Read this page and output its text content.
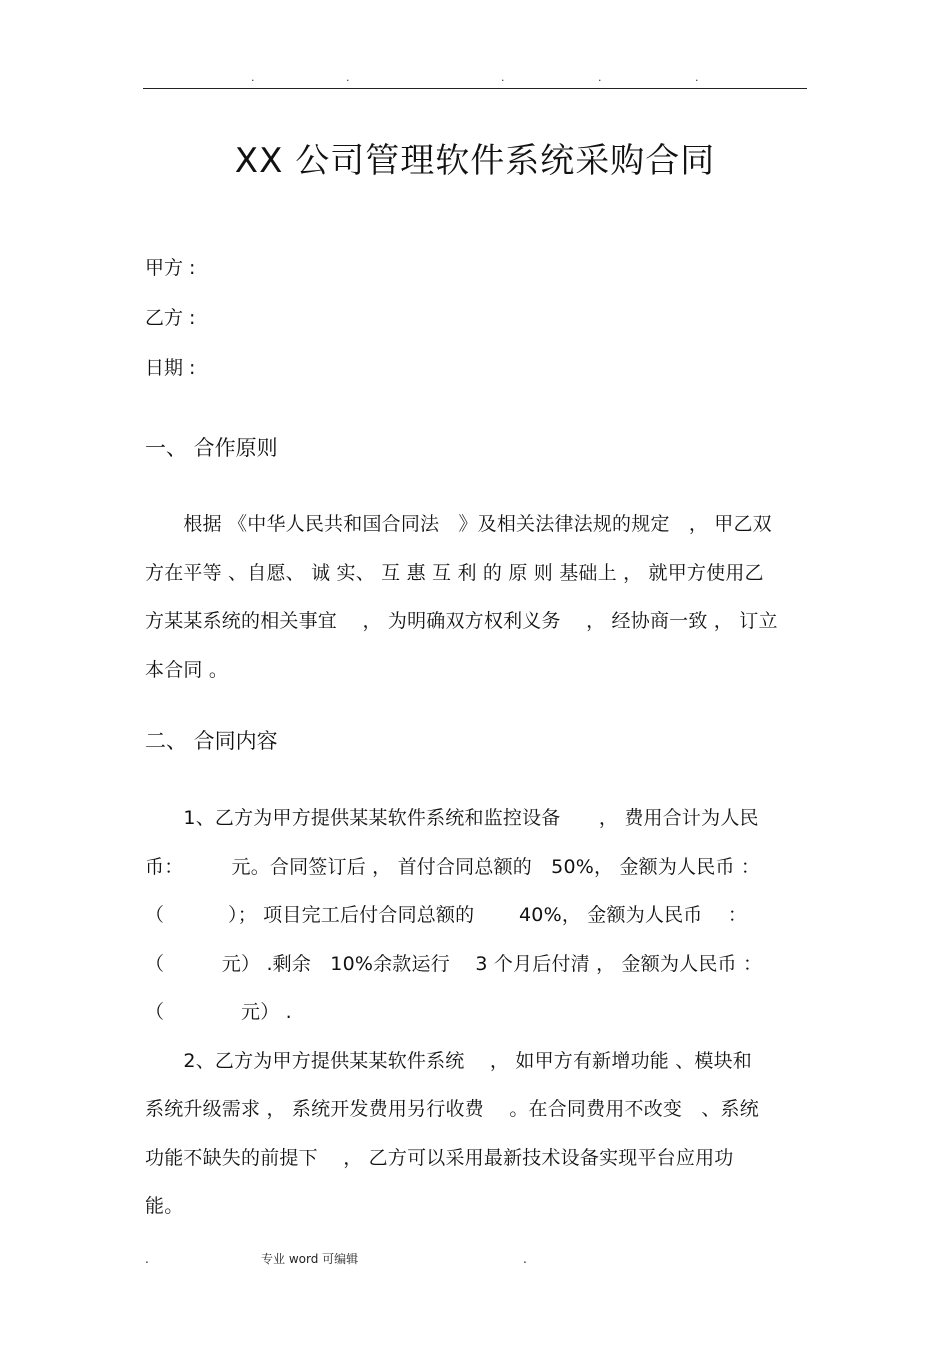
.	.	.	.	.
XX 公司管理软件系统采购合同
甲方 :
乙方 :
日期 :
一、 合作原则
　　根据 《中华人民共和国合同法　》及相关法律法规的规定　， 甲乙双
方在平等 、自愿、 诚 实、 互 惠 互 利 的 原 则 基础上 ， 就甲方使用乙
方某某系统的相关事宜　 ， 为明确双方权利义务　 ， 经协商一致 ， 订立
本合同 。
二、 合同内容
　　1、乙方为甲方提供某某软件系统和监控设备　　， 费用合计为人民
币：　　　元。合同签订后 ， 首付合同总额的　50%， 金额为人民币 ：
（　　　 ）； 项目完工后付合同总额的　　 40%， 金额为人民币　 ：
（　　　元） .剩余　10%余款运行　 3 个月后付清 ， 金额为人民币 ：
（　　　　元） .
　　2、乙方为甲方提供某某软件系统　 ， 如甲方有新增功能 、模块和
系统升级需求 ， 系统开发费用另行收费　 。在合同费用不改变　、系统
功能不缺失的前提下　 ， 乙方可以采用最新技术设备实现平台应用功
能。
.	专业 word 可编辑	.
